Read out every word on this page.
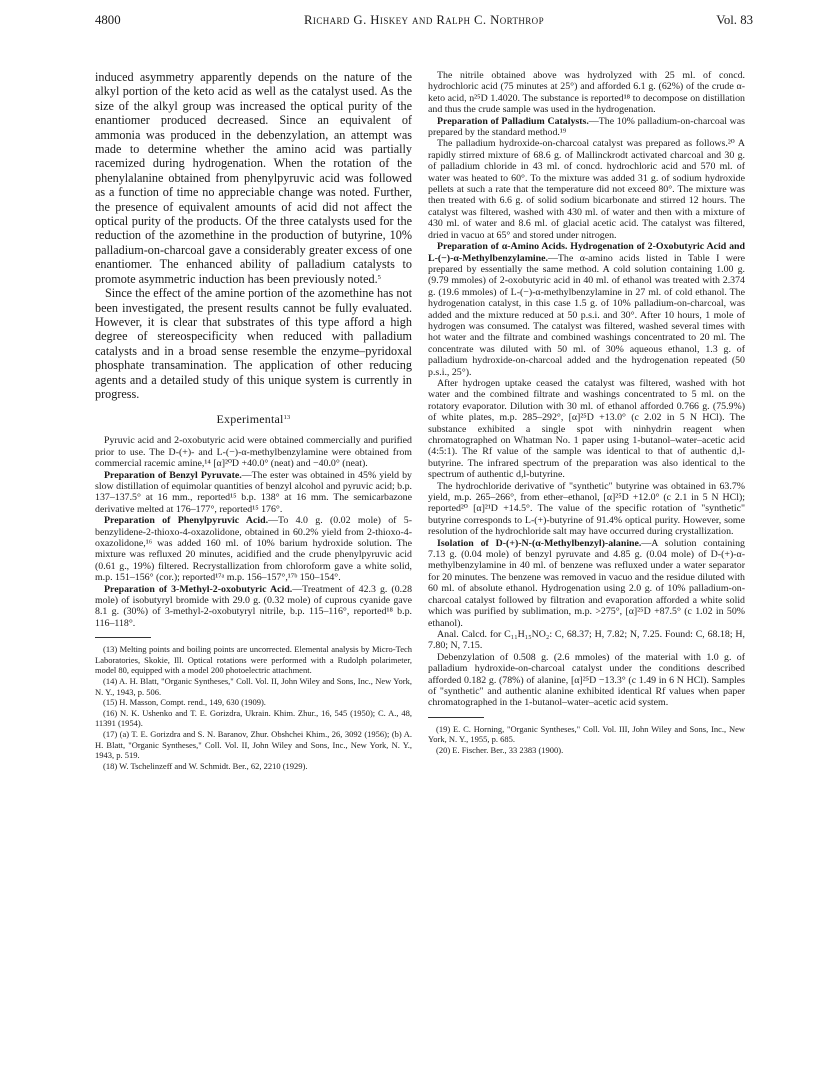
4800	Richard G. Hiskey and Ralph C. Northrop	Vol. 83

induced asymmetry apparently depends on the nature of the alkyl portion of the keto acid as well as the catalyst used. As the size of the alkyl group was increased the optical purity of the enantiomer produced decreased. Since an equivalent of ammonia was produced in the debenzylation, an attempt was made to determine whether the amino acid was partially racemized during hydrogenation. When the rotation of the phenylalanine obtained from phenylpyruvic acid was followed as a function of time no appreciable change was noted. Further, the presence of equivalent amounts of acid did not affect the optical purity of the products. Of the three catalysts used for the reduction of the azomethine in the production of butyrine, 10% palladium-on-charcoal gave a considerably greater excess of one enantiomer. The enhanced ability of palladium catalysts to promote asymmetric induction has been previously noted.$^5$

Since the effect of the amine portion of the azomethine has not been investigated, the present results cannot be fully evaluated. However, it is clear that substrates of this type afford a high degree of stereospecificity when reduced with palladium catalysts and in a broad sense resemble the enzyme–pyridoxal phosphate transamination. The application of other reducing agents and a detailed study of this unique system is currently in progress.

Experimental$^{13}$

Pyruvic acid and 2-oxobutyric acid were obtained commercially and purified prior to use. The D-(+)- and L-(−)-α-methylbenzylamine were obtained from commercial racemic amine,¹⁴ [α]²⁰D +40.0° (neat) and −40.0° (neat).

Preparation of Benzyl Pyruvate.—The ester was obtained in 45% yield by slow distillation of equimolar quantities of benzyl alcohol and pyruvic acid; b.p. 137–137.5° at 16 mm., reported¹⁵ b.p. 138° at 16 mm. The semicarbazone derivative melted at 176–177°, reported¹⁵ 176°.

Preparation of Phenylpyruvic Acid.—To 4.0 g. (0.02 mole) of 5-benzylidene-2-thioxo-4-oxazolidone, obtained in 60.2% yield from 2-thioxo-4-oxazolidone,¹⁶ was added 160 ml. of 10% barium hydroxide solution. The mixture was refluxed 20 minutes, acidified and the crude phenylpyruvic acid (0.61 g., 19%) filtered. Recrystallization from chloroform gave a white solid, m.p. 151–156° (cor.); reported¹⁷ᵃ m.p. 156–157°,¹⁷ᵇ 150–154°.

Preparation of 3-Methyl-2-oxobutyric Acid.—Treatment of 42.3 g. (0.28 mole) of isobutyryl bromide with 29.0 g. (0.32 mole) of cuprous cyanide gave 8.1 g. (30%) of 3-methyl-2-oxobutyryl nitrile, b.p. 115–116°, reported¹⁸ b.p. 116–118°.

(13) Melting points and boiling points are uncorrected. Elemental analysis by Micro-Tech Laboratories, Skokie, Ill. Optical rotations were performed with a Rudolph polarimeter, model 80, equipped with a model 200 photoelectric attachment.

(14) A. H. Blatt, "Organic Syntheses," Coll. Vol. II, John Wiley and Sons, Inc., New York, N. Y., 1943, p. 506.

(15) H. Masson, Compt. rend., 149, 630 (1909).

(16) N. K. Ushenko and T. E. Gorizdra, Ukrain. Khim. Zhur., 16, 545 (1950); C. A., 48, 11391 (1954).

(17) (a) T. E. Gorizdra and S. N. Baranov, Zhur. Obshchei Khim., 26, 3092 (1956); (b) A. H. Blatt, "Organic Syntheses," Coll. Vol. II, John Wiley and Sons, Inc., New York, N. Y., 1943, p. 519.

(18) W. Tschelinzeff and W. Schmidt. Ber., 62, 2210 (1929).

The nitrile obtained above was hydrolyzed with 25 ml. of concd. hydrochloric acid (75 minutes at 25°) and afforded 6.1 g. (62%) of the crude α-keto acid, n²⁵D 1.4020. The substance is reported¹⁸ to decompose on distillation and thus the crude sample was used in the hydrogenation.

Preparation of Palladium Catalysts.—The 10% palladium-on-charcoal was prepared by the standard method.¹⁹

The palladium hydroxide-on-charcoal catalyst was prepared as follows.²⁰ A rapidly stirred mixture of 68.6 g. of Mallinckrodt activated charcoal and 30 g. of palladium chloride in 43 ml. of concd. hydrochloric acid and 570 ml. of water was heated to 60°. To the mixture was added 31 g. of sodium hydroxide pellets at such a rate that the temperature did not exceed 80°. The mixture was then treated with 6.6 g. of solid sodium bicarbonate and stirred 12 hours. The catalyst was filtered, washed with 430 ml. of water and then with a mixture of 430 ml. of water and 8.6 ml. of glacial acetic acid. The catalyst was filtered, dried in vacuo at 65° and stored under nitrogen.

Preparation of α-Amino Acids. Hydrogenation of 2-Oxobutyric Acid and L-(−)-α-Methylbenzylamine.—The α-amino acids listed in Table I were prepared by essentially the same method. A cold solution containing 1.00 g. (9.79 mmoles) of 2-oxobutyric acid in 40 ml. of ethanol was treated with 2.374 g. (19.6 mmoles) of L-(−)-α-methylbenzylamine in 27 ml. of cold ethanol. The hydrogenation catalyst, in this case 1.5 g. of 10% palladium-on-charcoal, was added and the mixture reduced at 50 p.s.i. and 30°. After 10 hours, 1 mole of hydrogen was consumed. The catalyst was filtered, washed several times with hot water and the filtrate and combined washings concentrated to 20 ml. The concentrate was diluted with 50 ml. of 30% aqueous ethanol, 1.3 g. of palladium hydroxide-on-charcoal added and the hydrogenation repeated (50 p.s.i., 25°).

After hydrogen uptake ceased the catalyst was filtered, washed with hot water and the combined filtrate and washings concentrated to 5 ml. on the rotatory evaporator. Dilution with 30 ml. of ethanol afforded 0.766 g. (75.9%) of white plates, m.p. 285–292°, [α]²⁵D +13.0° (c 2.02 in 5 N HCl). The substance exhibited a single spot with ninhydrin reagent when chromatographed on Whatman No. 1 paper using 1-butanol–water–acetic acid (4:5:1). The Rf value of the sample was identical to that of authentic d,l-butyrine. The infrared spectrum of the preparation was also identical to the spectrum of authentic d,l-butyrine.

The hydrochloride derivative of "synthetic" butyrine was obtained in 63.7% yield, m.p. 265–266°, from ether–ethanol, [α]²⁵D +12.0° (c 2.1 in 5 N HCl); reported²⁰ [α]²¹D +14.5°. The value of the specific rotation of "synthetic" butyrine corresponds to L-(+)-butyrine of 91.4% optical purity. However, some resolution of the hydrochloride salt may have occurred during crystallization.

Isolation of D-(+)-N-(α-Methylbenzyl)-alanine.—A solution containing 7.13 g. (0.04 mole) of benzyl pyruvate and 4.85 g. (0.04 mole) of D-(+)-α-methylbenzylamine in 40 ml. of benzene was refluxed under a water separator for 20 minutes. The benzene was removed in vacuo and the residue diluted with 60 ml. of absolute ethanol. Hydrogenation using 2.0 g. of 10% palladium-on-charcoal catalyst followed by filtration and evaporation afforded a white solid which was purified by sublimation, m.p. >275°, [α]²⁵D +87.5° (c 1.02 in 50% ethanol).

Anal. Calcd. for C₁₁H₁₅NO₂: C, 68.37; H, 7.82; N, 7.25. Found: C, 68.18; H, 7.80; N, 7.15.

Debenzylation of 0.508 g. (2.6 mmoles) of the material with 1.0 g. of palladium hydroxide-on-charcoal catalyst under the conditions described afforded 0.182 g. (78%) of alanine, [α]²⁵D −13.3° (c 1.49 in 6 N HCl). Samples of "synthetic" and authentic alanine exhibited identical Rf values when paper chromatographed in the 1-butanol–water–acetic acid system.

(19) E. C. Horning, "Organic Syntheses," Coll. Vol. III, John Wiley and Sons, Inc., New York, N. Y., 1955, p. 685.

(20) E. Fischer. Ber., 33 2383 (1900).
